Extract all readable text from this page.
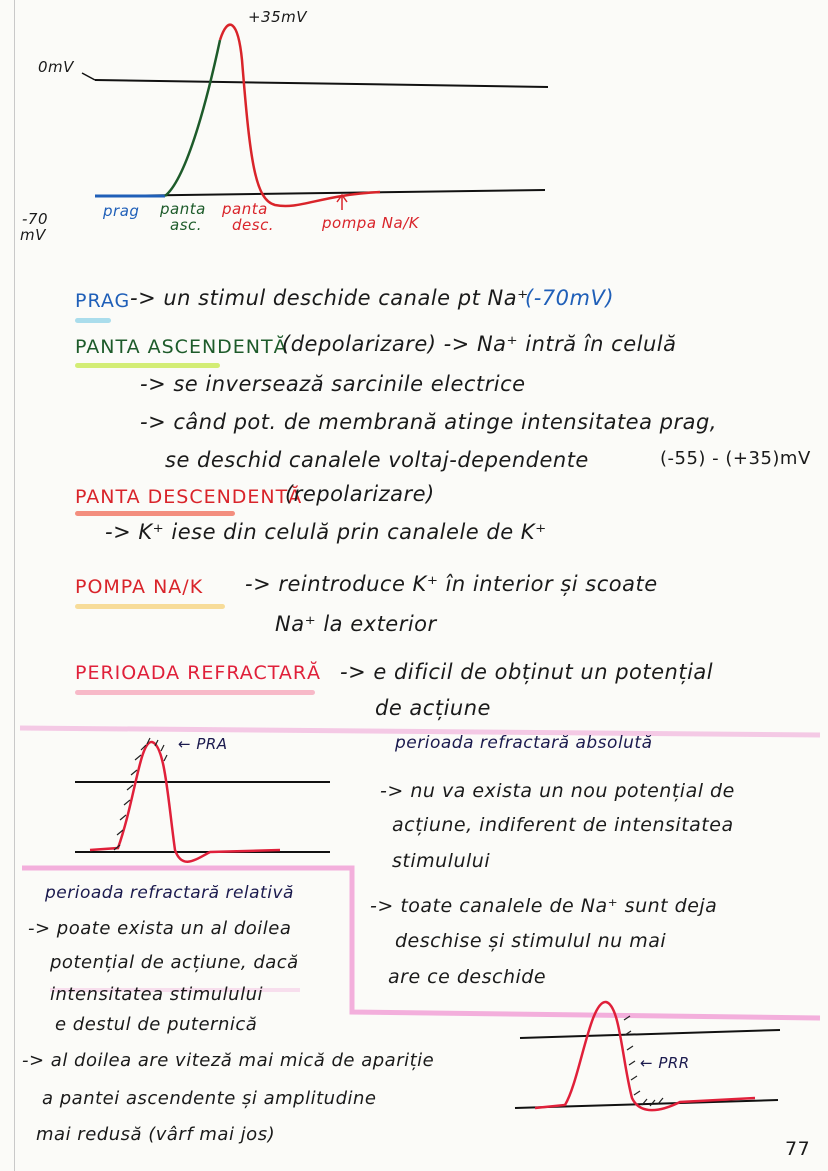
+35mV
0mV
-70
mV
prag panta
asc.
panta
desc.	pompa Na/K
PRAG -> un stimul deschide canale pt Na⁺
(-70mV)
PANTA ASCENDENTĂ
(depolarizare) -> Na⁺ intră în celulă
-> se inversează sarcinile electrice
-> când pot. de membrană atinge intensitatea prag,
se deschid canalele voltaj-dependente	(-55) - (+35)mV
PANTA DESCENDENTĂ
(repolarizare)
-> K⁺ iese din celulă prin canalele de K⁺
POMPA NA/K -> reintroduce K⁺ în interior și scoate
Na⁺ la exterior
PERIOADA REFRACTARĂ -> e dificil de obținut un potențial
de acțiune
← PRA	perioada refractară absolută
-> nu va exista un nou potențial de
acțiune, indiferent de intensitatea
stimulului
-> toate canalele de Na⁺ sunt deja
deschise și stimulul nu mai
are ce deschide
perioada refractară relativă
-> poate exista un al doilea
potențial de acțiune, dacă
intensitatea stimulului
e destul de puternică
-> al doilea are viteză mai mică de apariție
a pantei ascendente și amplitudine
mai redusă (vârf mai jos)
← PRR
77
